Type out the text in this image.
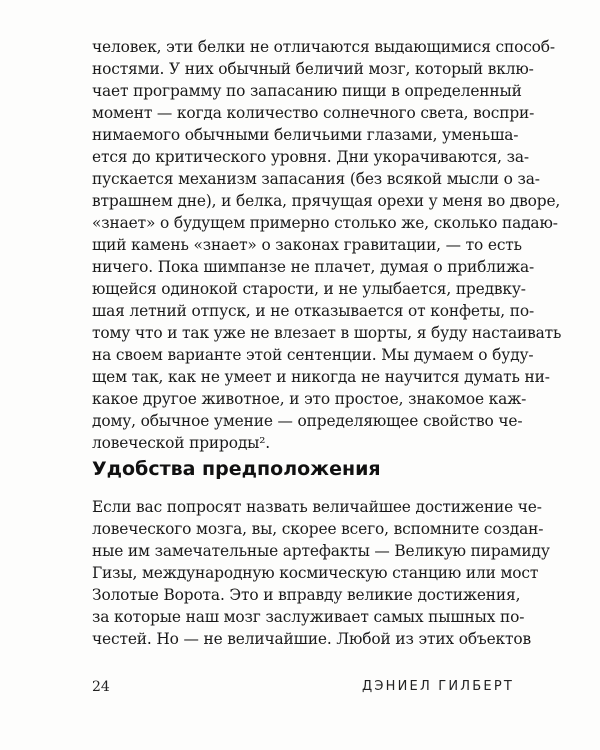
человек, эти белки не отличаются выдающимися способ-
ностями. У них обычный беличий мозг, который вклю-
чает программу по запасанию пищи в определенный
момент — когда количество солнечного света, воспри-
нимаемого обычными беличьими глазами, уменьша-
ется до критического уровня. Дни укорачиваются, за-
пускается механизм запасания (без всякой мысли о за-
втрашнем дне), и белка, прячущая орехи у меня во дворе,
«знает» о будущем примерно столько же, сколько падаю-
щий камень «знает» о законах гравитации, — то есть
ничего. Пока шимпанзе не плачет, думая о приближа-
ющейся одинокой старости, и не улыбается, предвку-
шая летний отпуск, и не отказывается от конфеты, по-
тому что и так уже не влезает в шорты, я буду настаивать
на своем варианте этой сентенции. Мы думаем о буду-
щем так, как не умеет и никогда не научится думать ни-
какое другое животное, и это простое, знакомое каж-
дому, обычное умение — определяющее свойство че-
ловеческой природы².
Удобства предположения
Если вас попросят назвать величайшее достижение че-
ловеческого мозга, вы, скорее всего, вспомните создан-
ные им замечательные артефакты — Великую пирамиду
Гизы, международную космическую станцию или мост
Золотые Ворота. Это и вправду великие достижения,
за которые наш мозг заслуживает самых пышных по-
честей. Но — не величайшие. Любой из этих объектов
24	ДЭНИЕЛ ГИЛБЕРТ
